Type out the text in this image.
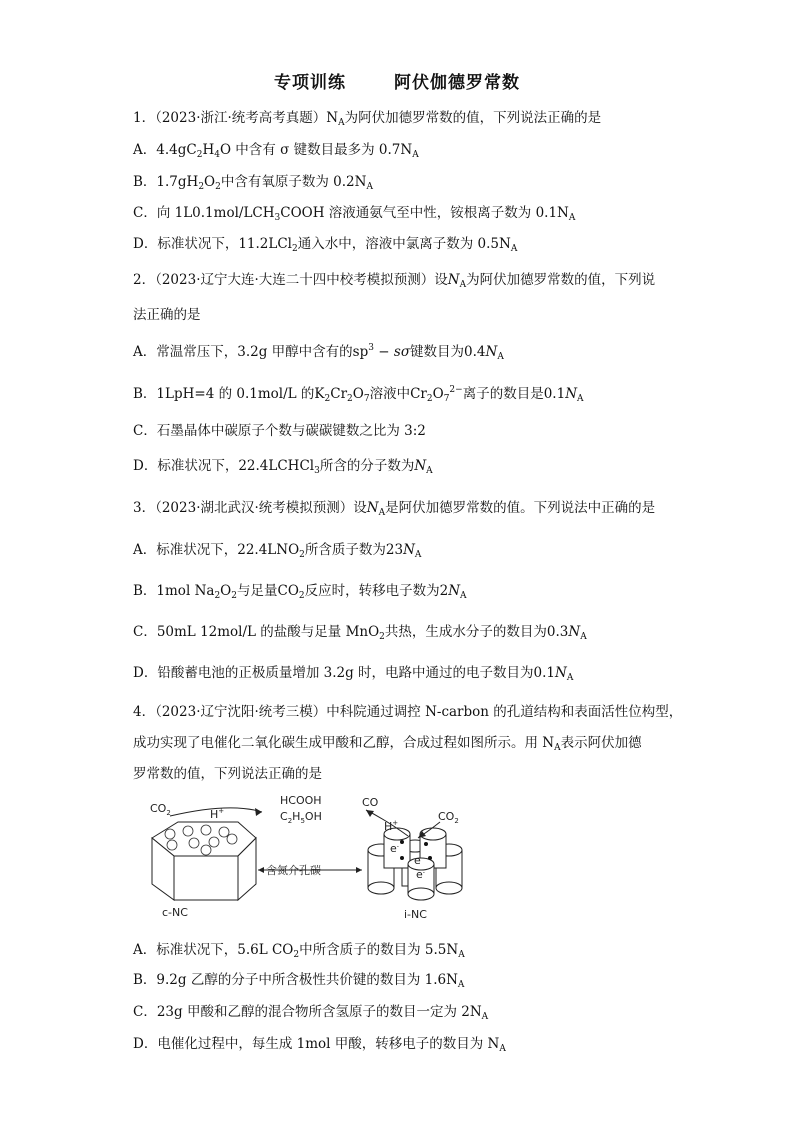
专项训练	阿伏伽德罗常数
1．（2023·浙江·统考高考真题）$N_A$为阿伏加德罗常数的值，下列说法正确的是
A．$4.4gC_2H_4O$ 中含有 σ 键数目最多为 $0.7N_A$
B．$1.7gH_2O_2$中含有氧原子数为 $0.2N_A$
C．向 $1L0.1mol/LCH_3COOH$ 溶液通氨气至中性，铵根离子数为 $0.1N_A$
D．标准状况下，11.2LCl$_2$通入水中，溶液中氯离子数为 $0.5N_A$
2．（2023·辽宁大连·大连二十四中校考模拟预测）设$N_A$为阿伏加德罗常数的值，下列说
法正确的是
A．常温常压下，3.2g 甲醇中含有的$sp^3 - s\sigma$键数目为$0.4N_A$
B．1LpH=4 的 0.1mol/L 的$K_2Cr_2O_7$溶液中$Cr_2O_7^{2-}$离子的数目是$0.1N_A$
C．石墨晶体中碳原子个数与碳碳键数之比为 3:2
D．标准状况下，22.4LCHCl$_3$所含的分子数为$N_A$
3．（2023·湖北武汉·统考模拟预测）设$N_A$是阿伏加德罗常数的值。下列说法中正确的是
A．标准状况下，$22.4LNO_2$所含质子数为$23N_A$
B．1mol $Na_2O_2$与足量$CO_2$反应时，转移电子数为$2N_A$
C．50mL 12mol/L 的盐酸与足量 MnO$_2$共热，生成水分子的数目为$0.3N_A$
D．铅酸蓄电池的正极质量增加 3.2g 时，电路中通过的电子数目为$0.1N_A$
4．（2023·辽宁沈阳·统考三模）中科院通过调控 N-carbon 的孔道结构和表面活性位构型，
成功实现了电催化二氧化碳生成甲酸和乙醇，合成过程如图所示。用 $N_A$表示阿伏加德
罗常数的值，下列说法正确的是
$CO_2$	H+
HCOOH
$C_2H_5OH$
含氮介孔碳
c-NC
e-
e-
e-
CO
$CO_2$
H+
i-NC
A．标准状况下，5.6L $CO_2$中所含质子的数目为 $5.5N_A$
B．9.2g 乙醇的分子中所含极性共价键的数目为 $1.6N_A$
C．23g 甲酸和乙醇的混合物所含氢原子的数目一定为 $2N_A$
D．电催化过程中，每生成 1mol 甲酸，转移电子的数目为 $N_A$
